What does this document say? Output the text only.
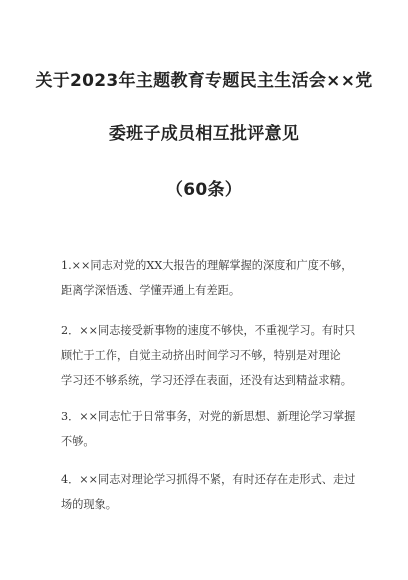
关于2023年主题教育专题民主生活会××党
委班子成员相互批评意见
（60条）
1.××同志对党的XX大报告的理解掌握的深度和广度不够，
距离学深悟透、学懂弄通上有差距。
2．××同志接受新事物的速度不够快，不重视学习。有时只
顾忙于工作，自觉主动挤出时间学习不够，特别是对理论
学习还不够系统，学习还浮在表面，还没有达到精益求精。
3．××同志忙于日常事务，对党的新思想、新理论学习掌握
不够。
4．××同志对理论学习抓得不紧，有时还存在走形式、走过
场的现象。
